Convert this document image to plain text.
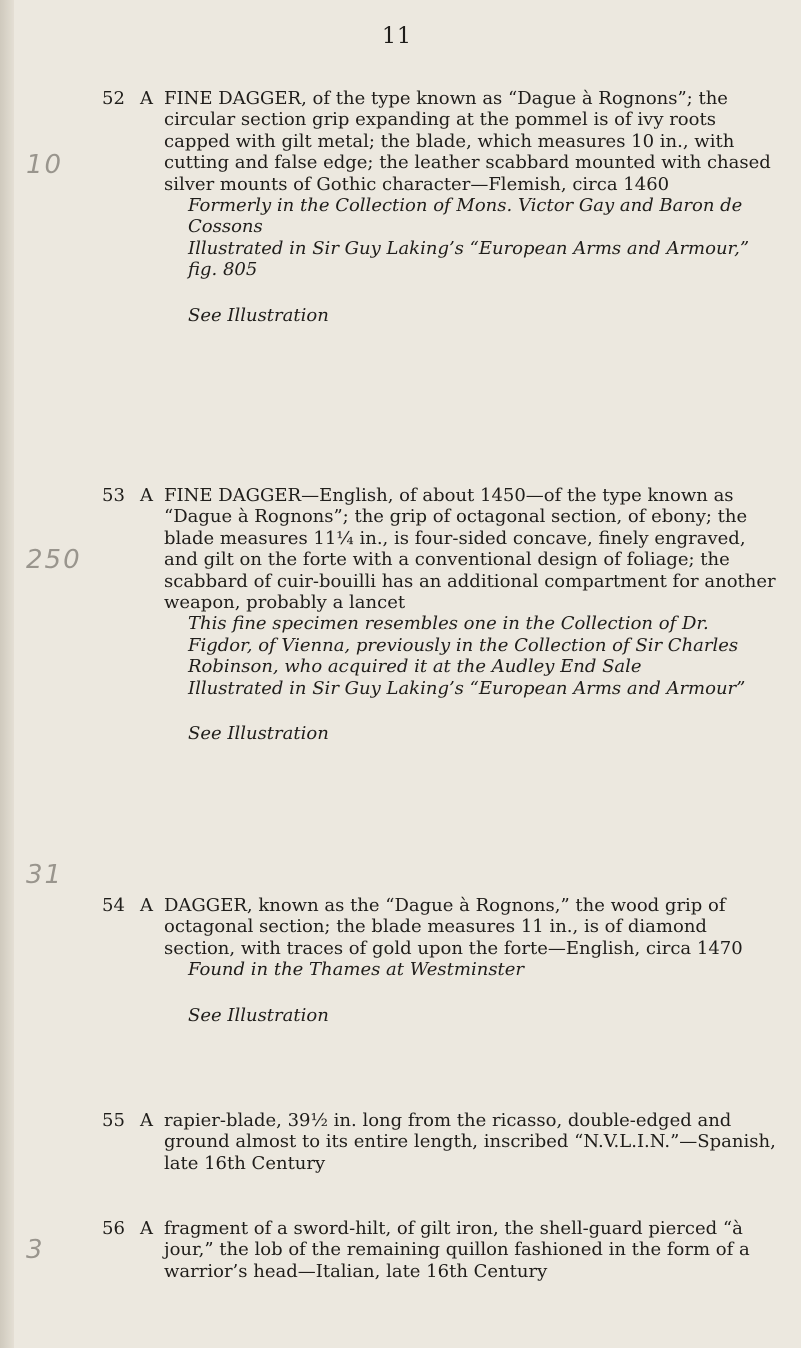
11
10
250
31
3
52 A FINE DAGGER, of the type known as “Dague à Rognons”; the circular section grip expanding at the pommel is of ivy roots capped with gilt metal; the blade, which measures 10 in., with cutting and false edge; the leather scabbard mounted with chased silver mounts of Gothic character—Flemish, circa 1460

Formerly in the Collection of Mons. Victor Gay and Baron de Cossons

Illustrated in Sir Guy Laking’s “European Arms and Armour,” fig. 805

See Illustration

53 A FINE DAGGER—English, of about 1450—of the type known as “Dague à Rognons”; the grip of octagonal section, of ebony; the blade measures 11¼ in., is four-sided concave, finely engraved, and gilt on the forte with a conventional design of foliage; the scabbard of cuir-bouilli has an additional compartment for another weapon, probably a lancet

This fine specimen resembles one in the Collection of Dr. Figdor, of Vienna, previously in the Collection of Sir Charles Robinson, who acquired it at the Audley End Sale

Illustrated in Sir Guy Laking’s “European Arms and Armour”

See Illustration

54 A DAGGER, known as the “Dague à Rognons,” the wood grip of octagonal section; the blade measures 11 in., is of diamond section, with traces of gold upon the forte—English, circa 1470

Found in the Thames at Westminster

See Illustration

55 A rapier-blade, 39½ in. long from the ricasso, double-edged and ground almost to its entire length, inscribed “N.V.L.I.N.”—Spanish, late 16th Century

56 A fragment of a sword-hilt, of gilt iron, the shell-guard pierced “à jour,” the lob of the remaining quillon fashioned in the form of a warrior’s head—Italian, late 16th Century
